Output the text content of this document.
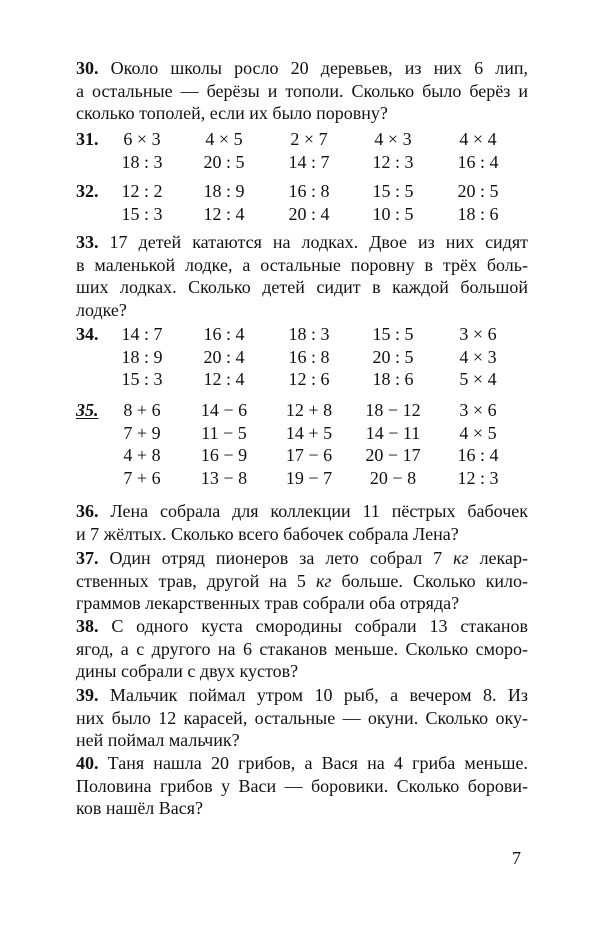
30. Около школы росло 20 деревьев, из них 6 лип,
а остальные — берёзы и тополи. Сколько было берёз и
сколько тополей, если их было поровну?
31.	6 × 3	4 × 5	2 × 7	4 × 3	4 × 4
18 : 3	20 : 5	14 : 7	12 : 3	16 : 4
32.	12 : 2	18 : 9	16 : 8	15 : 5	20 : 5
15 : 3	12 : 4	20 : 4	10 : 5	18 : 6
33. 17 детей катаются на лодках. Двое из них сидят
в маленькой лодке, а остальные поровну в трёх боль-
ших лодках. Сколько детей сидит в каждой большой
лодке?
34.	14 : 7	16 : 4	18 : 3	15 : 5	3 × 6
18 : 9	20 : 4	16 : 8	20 : 5	4 × 3
15 : 3	12 : 4	12 : 6	18 : 6	5 × 4
35.	8 + 6	14 − 6	12 + 8	18 − 12	3 × 6
7 + 9	11 − 5	14 + 5	14 − 11	4 × 5
4 + 8	16 − 9	17 − 6	20 − 17	16 : 4
7 + 6	13 − 8	19 − 7	20 − 8	12 : 3
36. Лена собрала для коллекции 11 пёстрых бабочек
и 7 жёлтых. Сколько всего бабочек собрала Лена?
37. Один отряд пионеров за лето собрал 7 кг лекар-
ственных трав, другой на 5 кг больше. Сколько кило-
граммов лекарственных трав собрали оба отряда?
38. С одного куста смородины собрали 13 стаканов
ягод, а с другого на 6 стаканов меньше. Сколько сморо-
дины собрали с двух кустов?
39. Мальчик поймал утром 10 рыб, а вечером 8. Из
них было 12 карасей, остальные — окуни. Сколько оку-
ней поймал мальчик?
40. Таня нашла 20 грибов, а Вася на 4 гриба меньше.
Половина грибов у Васи — боровики. Сколько борови-
ков нашёл Вася?
7
